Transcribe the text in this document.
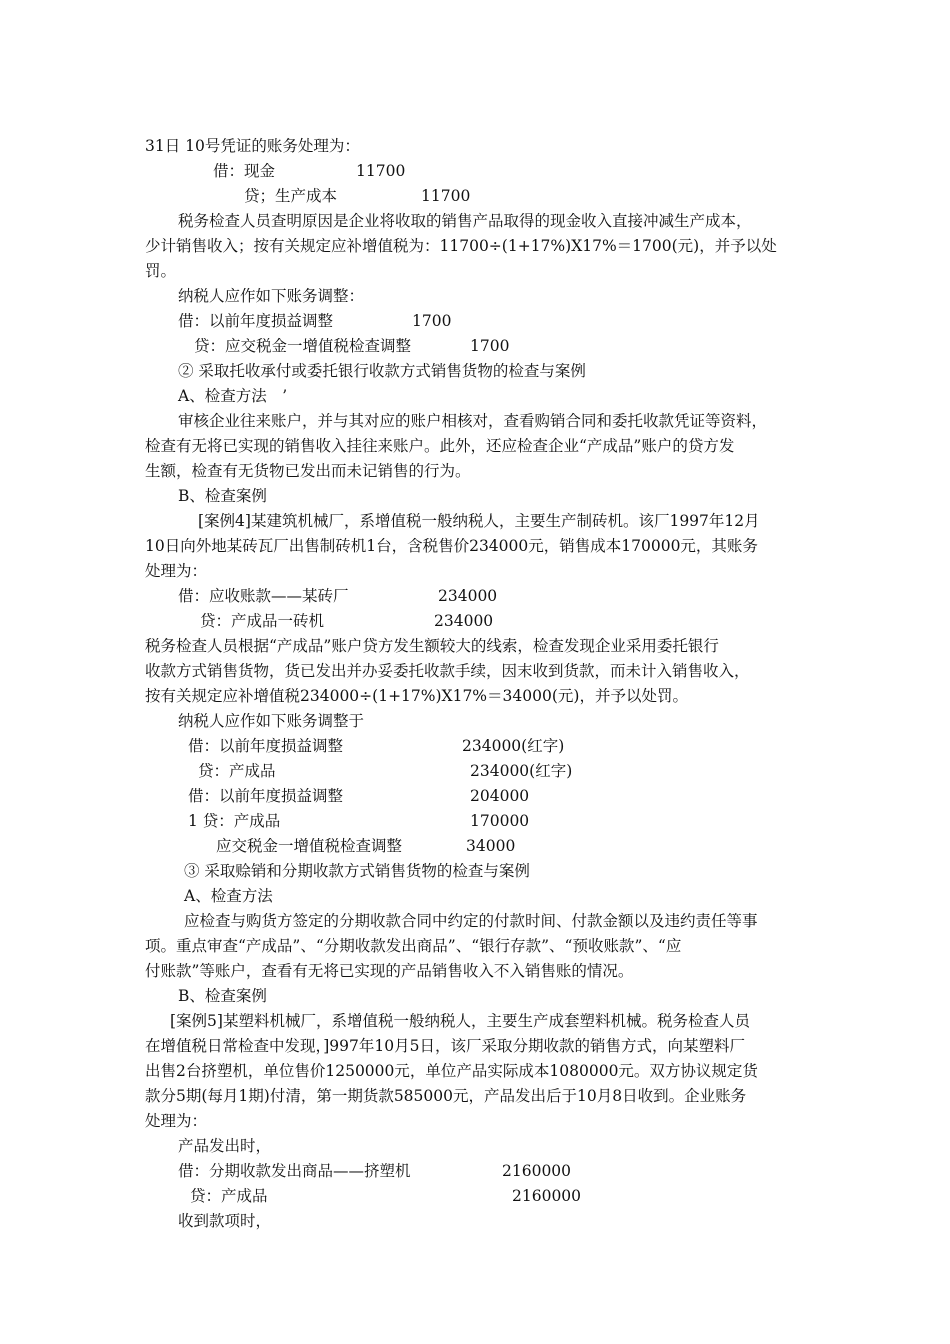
31日 10号凭证的账务处理为：
借：现金	11700
贷；生产成本	11700
税务检查人员查明原因是企业将收取的销售产品取得的现金收入直接冲减生产成本，
少计销售收入；按有关规定应补增值税为：11700÷(1+17%)X17%＝1700(元)，并予以处
罚。
纳税人应作如下账务调整：
借：以前年度损益调整	1700
贷：应交税金一增值税检查调整	1700
② 采取托收承付或委托银行收款方式销售货物的检查与案例
A、检查方法　’
审核企业往来账户，并与其对应的账户相核对，查看购销合同和委托收款凭证等资料，
检查有无将已实现的销售收入挂往来账户。此外，还应检查企业“产成品”账户的贷方发
生额，检查有无货物已发出而未记销售的行为。
B、检查案例
[案例4]某建筑机械厂，系增值税一般纳税人，主要生产制砖机。该厂1997年12月
10日向外地某砖瓦厂出售制砖机1台，含税售价234000元，销售成本170000元，其账务
处理为：
借：应收账款——某砖厂	234000
贷：产成品一砖机	234000
税务检查人员根据“产成品”账户贷方发生额较大的线索，检查发现企业采用委托银行
收款方式销售货物，货已发出并办妥委托收款手续，因末收到货款，而未计入销售收入，
按有关规定应补增值税234000÷(1+17%)X17%＝34000(元)，并予以处罚。
纳税人应作如下账务调整于
借：以前年度损益调整	234000(红字)
贷：产成品	234000(红字)
借：以前年度损益调整	204000
1 贷：产成品	170000
应交税金一增值税检查调整	34000
③ 采取赊销和分期收款方式销售货物的检查与案例
A、检查方法
应检查与购货方签定的分期收款合同中约定的付款时间、付款金额以及违约责任等事
项。重点审查“产成品”、“分期收款发出商品”、“银行存款”、“预收账款”、“应
付账款”等账户，查看有无将已实现的产品销售收入不入销售账的情况。
B、检查案例
[案例5]某塑料机械厂，系增值税一般纳税人，主要生产成套塑料机械。税务检查人员
在增值税日常检查中发现，]997年10月5日，该厂采取分期收款的销售方式，向某塑料厂
出售2台挤塑机，单位售价1250000元，单位产品实际成本1080000元。双方协议规定货
款分5期(每月1期)付清，第一期货款585000元，产品发出后于10月8日收到。企业账务
处理为：
产品发出时，
借：分期收款发出商品——挤塑机	2160000
贷：产成品	2160000
收到款项时，
